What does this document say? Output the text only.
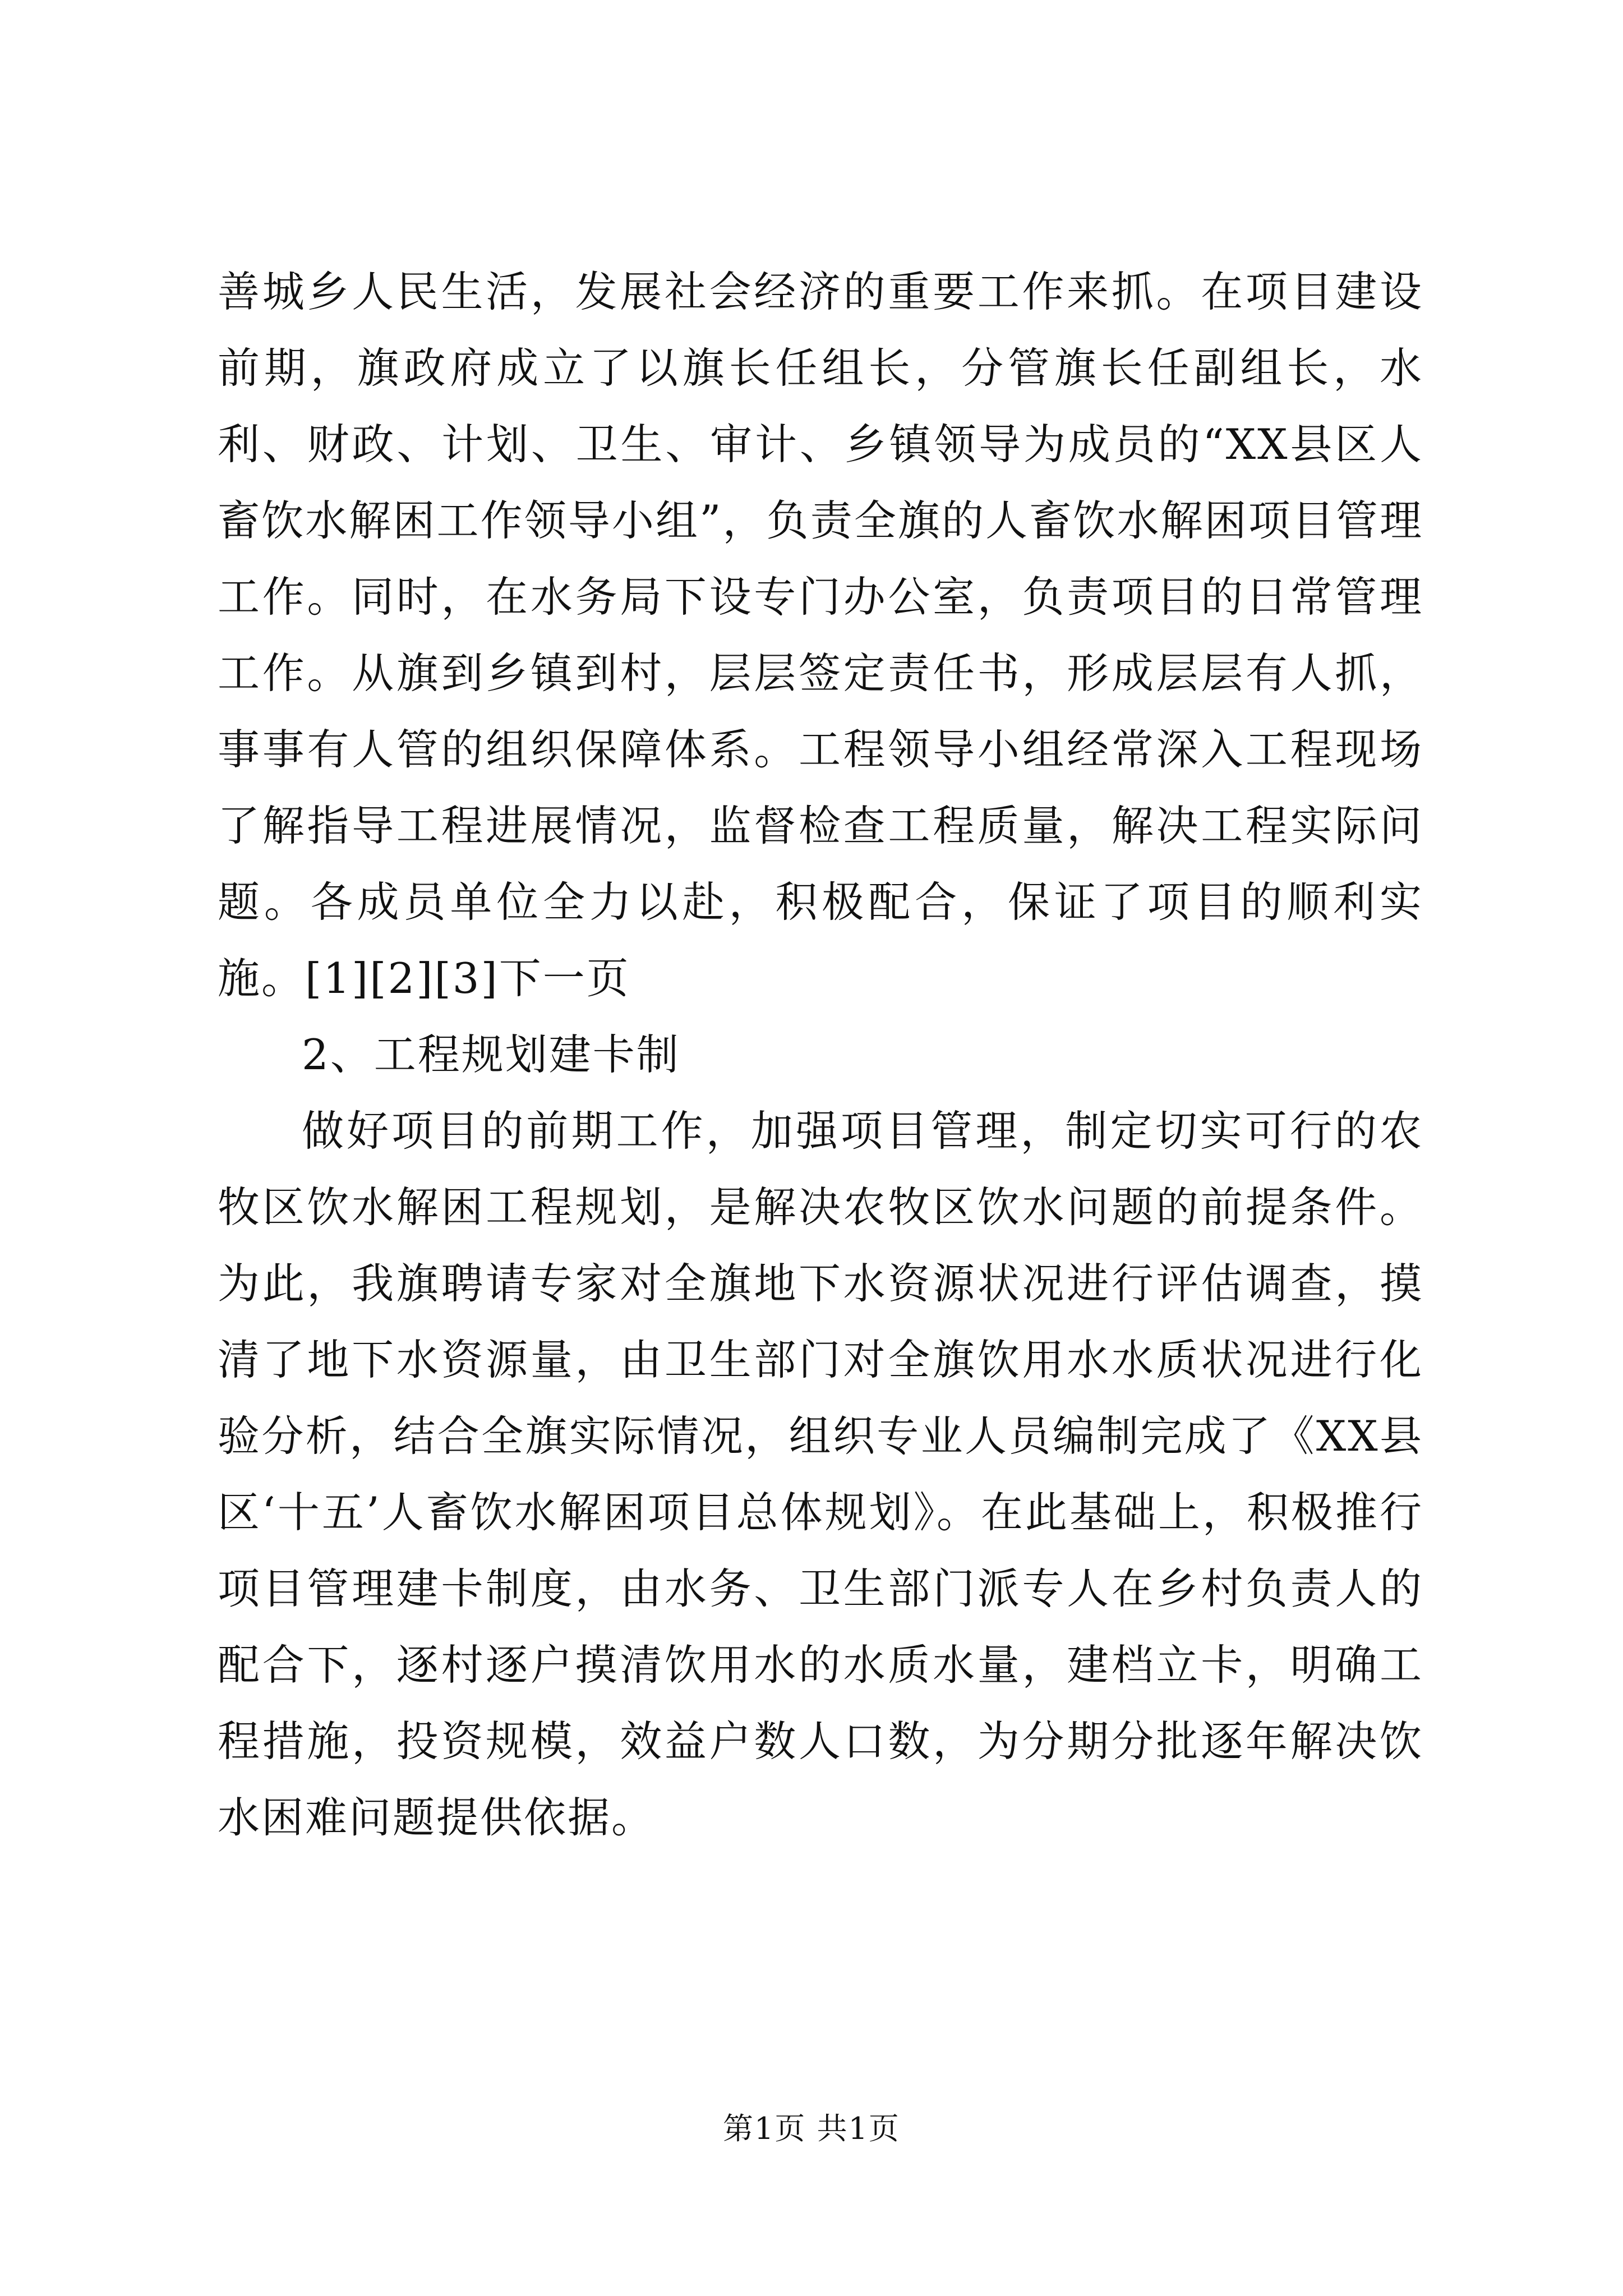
善城乡人民生活，发展社会经济的重要工作来抓。在项目建设前期，旗政府成立了以旗长任组长，分管旗长任副组长，水利、财政、计划、卫生、审计、乡镇领导为成员的“XX县区人畜饮水解困工作领导小组”，负责全旗的人畜饮水解困项目管理工作。同时，在水务局下设专门办公室，负责项目的日常管理工作。从旗到乡镇到村，层层签定责任书，形成层层有人抓，事事有人管的组织保障体系。工程领导小组经常深入工程现场了解指导工程进展情况，监督检查工程质量，解决工程实际问题。各成员单位全力以赴，积极配合，保证了项目的顺利实施。[1][2][3]下一页

2、工程规划建卡制

做好项目的前期工作，加强项目管理，制定切实可行的农牧区饮水解困工程规划，是解决农牧区饮水问题的前提条件。为此，我旗聘请专家对全旗地下水资源状况进行评估调查，摸清了地下水资源量，由卫生部门对全旗饮用水水质状况进行化验分析，结合全旗实际情况，组织专业人员编制完成了《XX县区‘十五’人畜饮水解困项目总体规划》。在此基础上，积极推行项目管理建卡制度，由水务、卫生部门派专人在乡村负责人的配合下，逐村逐户摸清饮用水的水质水量，建档立卡，明确工程措施，投资规模，效益户数人口数，为分期分批逐年解决饮水困难问题提供依据。

第1页 共1页
